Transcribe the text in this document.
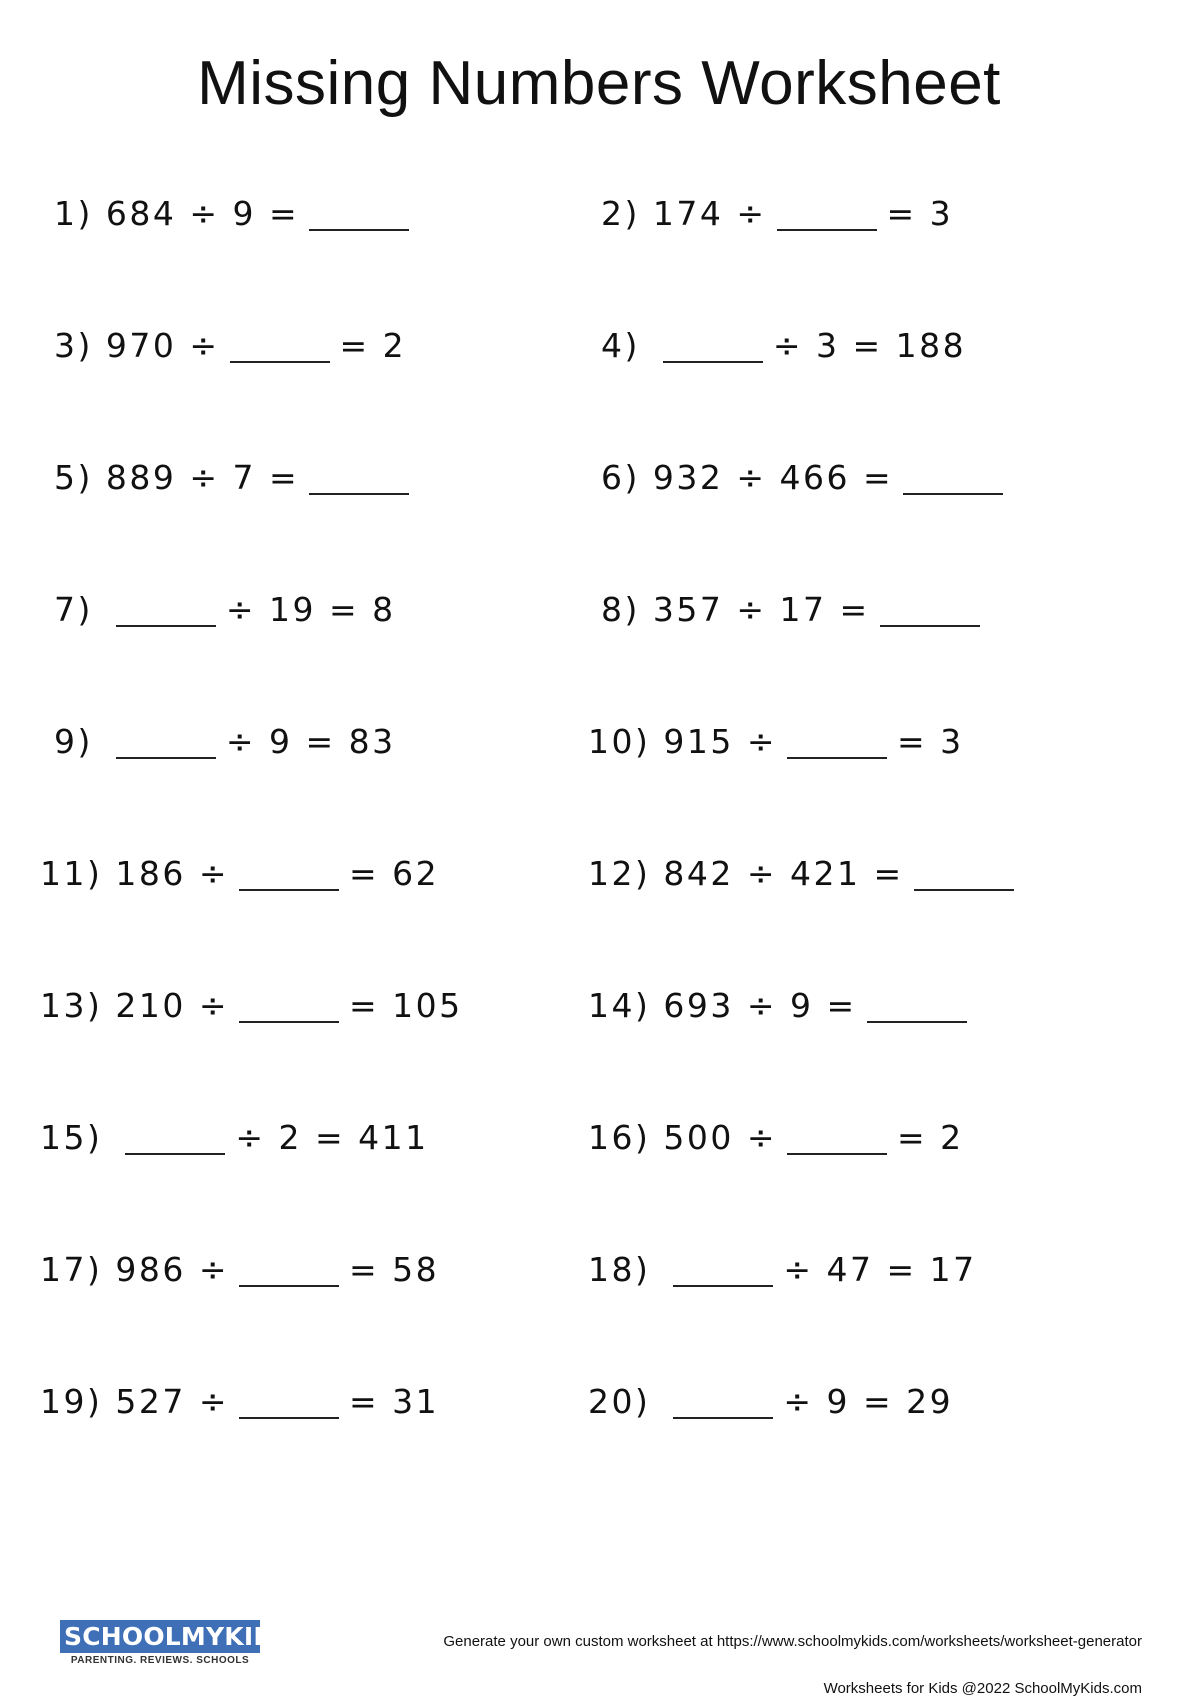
Missing Numbers Worksheet
1) 684 ÷ 9 =	2) 174 ÷	= 3
3) 970 ÷	= 2	4)	÷ 3 = 188
5) 889 ÷ 7 =	6) 932 ÷ 466 =
7)	÷ 19 = 8	8) 357 ÷ 17 =
9)	÷ 9 = 83	10) 915 ÷	= 3
11) 186 ÷	= 62	12) 842 ÷ 421 =
13) 210 ÷	= 105	14) 693 ÷ 9 =
15)	÷ 2 = 411	16) 500 ÷	= 2
17) 986 ÷	= 58	18)	÷ 47 = 17
19) 527 ÷	= 31	20)	÷ 9 = 29
SCHOOLMYKIDS
PARENTING. REVIEWS. SCHOOLS
Generate your own custom worksheet at https://www.schoolmykids.com/worksheets/worksheet-generator
Worksheets for Kids @2022 SchoolMyKids.com
